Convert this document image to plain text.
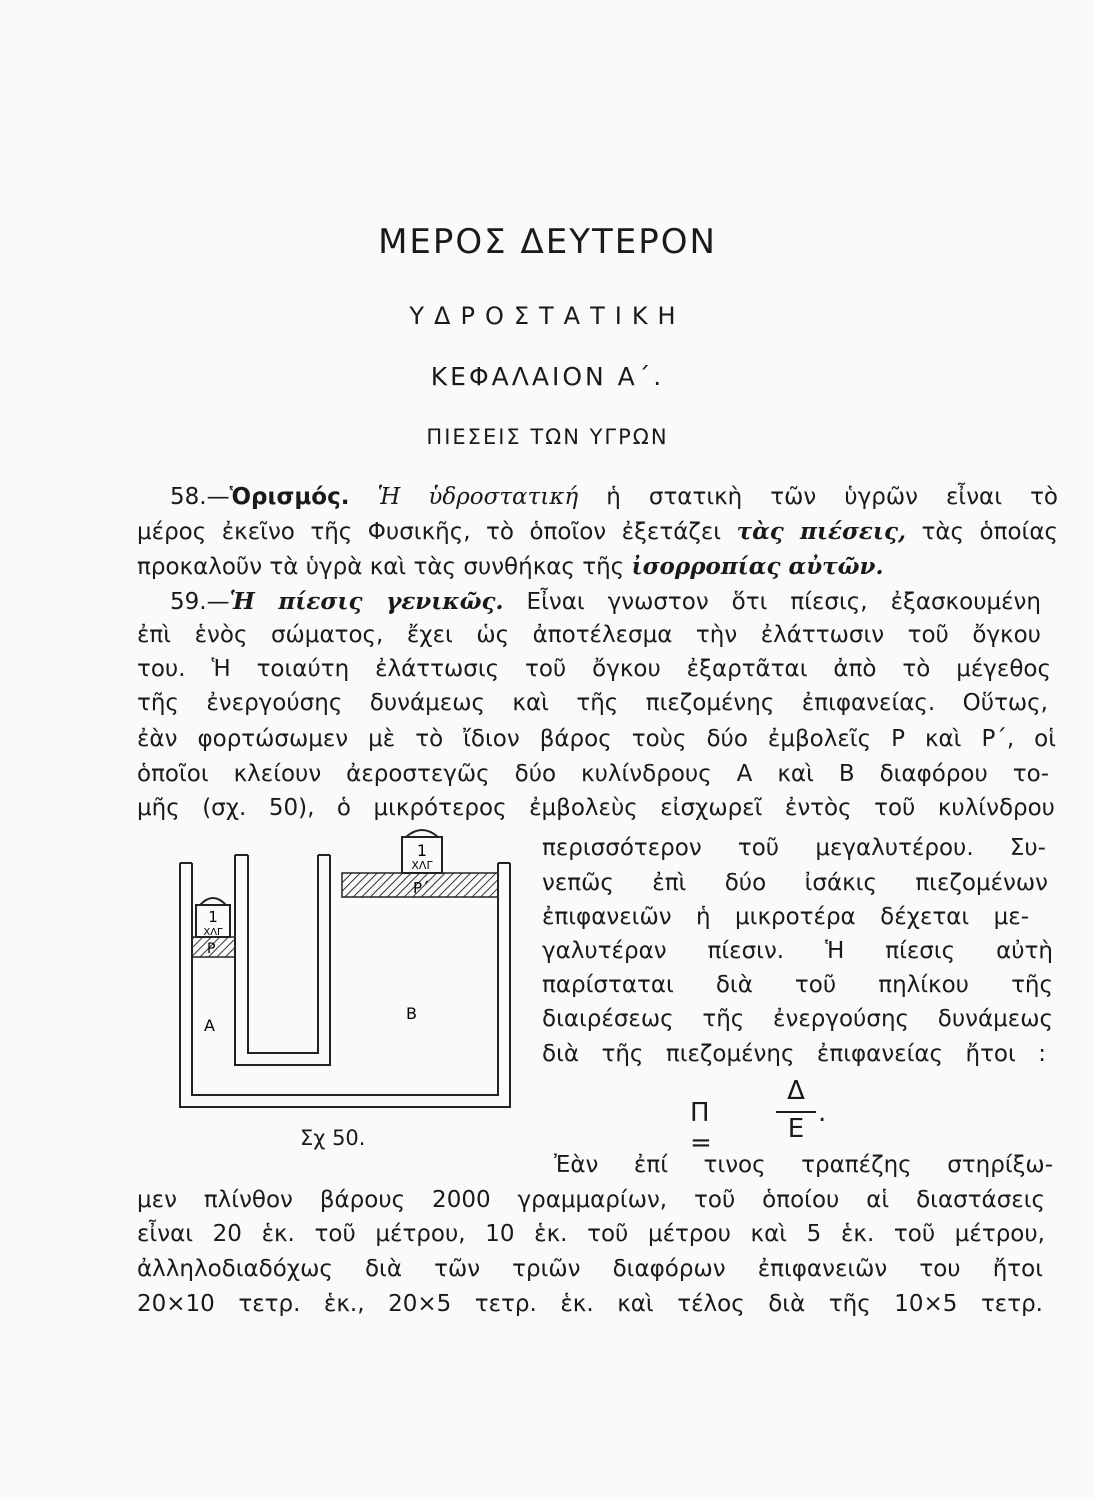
ΜΕΡΟΣ ΔΕΥΤΕΡΟΝ
ΥΔΡΟΣΤΑΤΙΚΗ
ΚΕΦΑΛΑΙΟΝ Α΄.
ΠΙΕΣΕΙΣ ΤΩΝ ΥΓΡΩΝ
58.—Ὁρισμός. Ἡ ὑδροστατική ἡ στατικὴ τῶν ὑγρῶν εἶναι τὸ
μέρος ἐκεῖνο τῆς Φυσικῆς, τὸ ὁποῖον ἐξετάζει τὰς πιέσεις, τὰς ὁποίας
προκαλοῦν τὰ ὑγρὰ καὶ τὰς συνθήκας τῆς ἰσορροπίας αὐτῶν.
59.—Ἡ πίεσις γενικῶς. Εἶναι γνωστον ὅτι πίεσις, ἐξασκουμένη
ἐπὶ ἑνὸς σώματος, ἔχει ὡς ἀποτέλεσμα τὴν ἐλάττωσιν τοῦ ὄγκου
του. Ἡ τοιαύτη ἐλάττωσις τοῦ ὄγκου ἐξαρτᾶται ἀπὸ τὸ μέγεθος
τῆς ἐνεργούσης δυνάμεως καὶ τῆς πιεζομένης ἐπιφανείας. Οὕτως,
ἐὰν φορτώσωμεν μὲ τὸ ἴδιον βάρος τοὺς δύο ἐμβολεῖς Ρ καὶ Ρ΄, οἱ
ὁποῖοι κλείουν ἀεροστεγῶς δύο κυλίνδρους Α καὶ Β διαφόρου το-
μῆς (σχ. 50), ὁ μικρότερος ἐμβολεὺς εἰσχωρεῖ ἐντὸς τοῦ κυλίνδρου
περισσότερον τοῦ μεγαλυτέρου. Συ-
νεπῶς ἐπὶ δύο ἰσάκις πιεζομένων
ἐπιφανειῶν ἡ μικροτέρα δέχεται με-
γαλυτέραν πίεσιν. Ἡ πίεσις αὐτὴ
παρίσταται διὰ τοῦ πηλίκου τῆς
διαιρέσεως τῆς ἐνεργούσης δυνάμεως
διὰ τῆς πιεζομένης ἐπιφανείας ἤτοι :
Π =
Δ
Ε
.
1
ΧΛΓ
1
ΧΛΓ
Ρ
Ρ΄
Α
Β
Σχ 50.
Ἐὰν ἐπί τινος τραπέζης στηρίξω-
μεν πλίνθον βάρους 2000 γραμμαρίων, τοῦ ὁποίου αἱ διαστάσεις
εἶναι 20 ἑκ. τοῦ μέτρου, 10 ἑκ. τοῦ μέτρου καὶ 5 ἑκ. τοῦ μέτρου,
ἀλληλοδιαδόχως διὰ τῶν τριῶν διαφόρων ἐπιφανειῶν του ἤτοι
20×10 τετρ. ἑκ., 20×5 τετρ. ἑκ. καὶ τέλος διὰ τῆς 10×5 τετρ.
